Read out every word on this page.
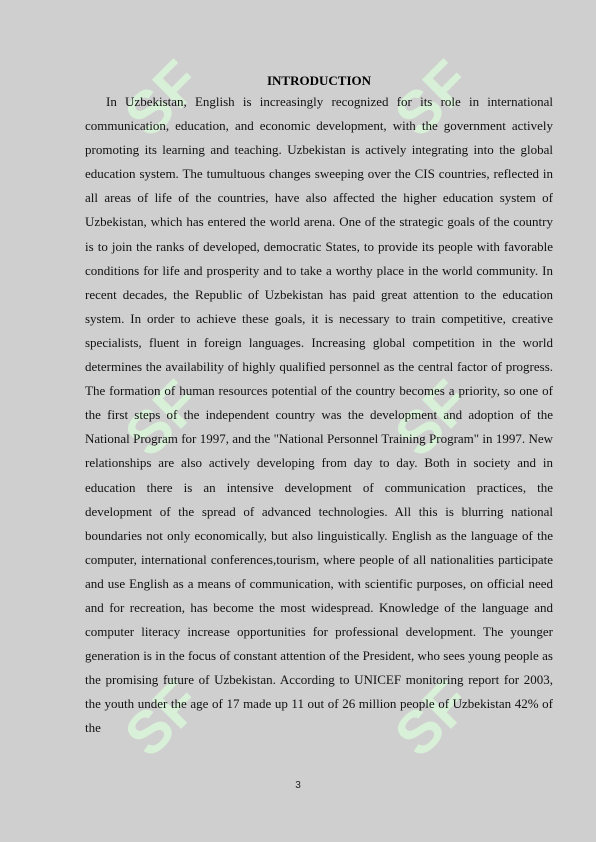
SF	SF
SF	SF
SF	SF

INTRODUCTION

In Uzbekistan, English is increasingly recognized for its role in international communication, education, and economic development, with the government actively promoting its learning and teaching. Uzbekistan is actively integrating into the global education system. The tumultuous changes sweeping over the CIS countries, reflected in all areas of life of the countries, have also affected the higher education system of Uzbekistan, which has entered the world arena. One of the strategic goals of the country is to join the ranks of developed, democratic States, to provide its people with favorable conditions for life and prosperity and to take a worthy place in the world community. In recent decades, the Republic of Uzbekistan has paid great attention to the education system. In order to achieve these goals, it is necessary to train competitive, creative specialists, fluent in foreign languages. Increasing global competition in the world determines the availability of highly qualified personnel as the central factor of progress. The formation of human resources potential of the country becomes a priority, so one of the first steps of the independent country was the development and adoption of the National Program for 1997, and the "National Personnel Training Program" in 1997. New relationships are also actively developing from day to day. Both in society and in education there is an intensive development of communication practices, the development of the spread of advanced technologies. All this is blurring national boundaries not only economically, but also linguistically. English as the language of the computer, international conferences,tourism, where people of all nationalities participate and use English as a means of communication, with scientific purposes, on official need and for recreation, has become the most widespread. Knowledge of the language and computer literacy increase opportunities for professional development. The younger generation is in the focus of constant attention of the President, who sees young people as the promising future of Uzbekistan. According to UNICEF monitoring report for 2003, the youth under the age of 17 made up 11 out of 26 million people of Uzbekistan 42% of the

3
